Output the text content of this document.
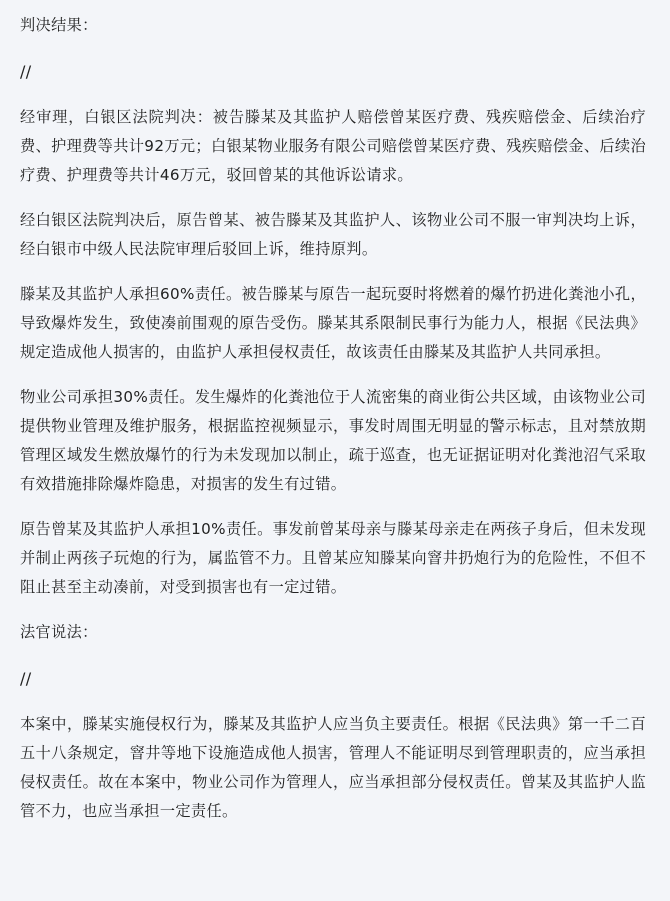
判决结果：

//

经审理，白银区法院判决：被告滕某及其监护人赔偿曾某医疗费、残疾赔偿金、后续治疗费、护理费等共计92万元；白银某物业服务有限公司赔偿曾某医疗费、残疾赔偿金、后续治疗费、护理费等共计46万元，驳回曾某的其他诉讼请求。

经白银区法院判决后，原告曾某、被告滕某及其监护人、该物业公司不服一审判决均上诉，经白银市中级人民法院审理后驳回上诉，维持原判。

滕某及其监护人承担60%责任。被告滕某与原告一起玩耍时将燃着的爆竹扔进化粪池小孔，导致爆炸发生，致使凑前围观的原告受伤。滕某其系限制民事行为能力人，根据《民法典》规定造成他人损害的，由监护人承担侵权责任，故该责任由滕某及其监护人共同承担。

物业公司承担30%责任。发生爆炸的化粪池位于人流密集的商业街公共区域，由该物业公司提供物业管理及维护服务，根据监控视频显示，事发时周围无明显的警示标志，且对禁放期管理区域发生燃放爆竹的行为未发现加以制止，疏于巡查，也无证据证明对化粪池沼气采取有效措施排除爆炸隐患，对损害的发生有过错。

原告曾某及其监护人承担10%责任。事发前曾某母亲与滕某母亲走在两孩子身后，但未发现并制止两孩子玩炮的行为，属监管不力。且曾某应知滕某向窨井扔炮行为的危险性，不但不阻止甚至主动凑前，对受到损害也有一定过错。

法官说法：

//

本案中，滕某实施侵权行为，滕某及其监护人应当负主要责任。根据《民法典》第一千二百五十八条规定，窨井等地下设施造成他人损害，管理人不能证明尽到管理职责的，应当承担侵权责任。故在本案中，物业公司作为管理人，应当承担部分侵权责任。曾某及其监护人监管不力，也应当承担一定责任。
